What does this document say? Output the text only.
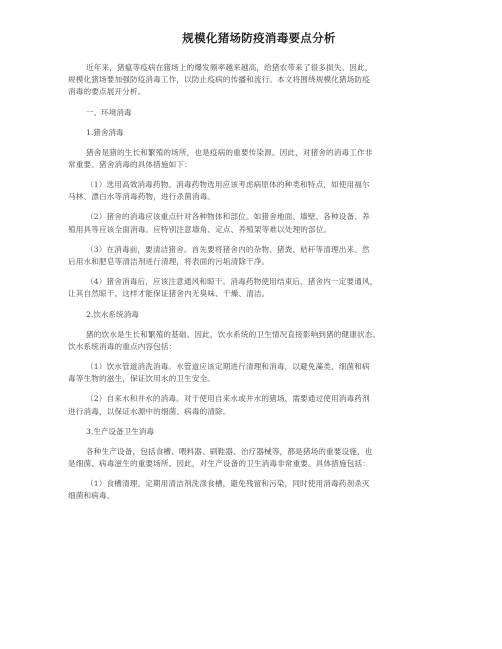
规模化猪场防疫消毒要点分析
近年来，猪瘟等疫病在猪场上的爆发频率越来越高，给猪农带来了很多损失。因此，
规模化猪场要加强防疫消毒工作，以防止疫病的传播和流行。本文将围绕规模化猪场防疫
消毒的要点展开分析。
一、环境消毒
1.猪舍消毒
猪舍是猪的生长和繁殖的场所，也是疫病的重要传染源。因此，对猪舍的消毒工作非
常重要。猪舍消毒的具体措施如下：
（1）选用高效消毒药物。消毒药物选用应该考虑病原体的种类和特点，如使用福尔
马林、漂白水等消毒药物，进行杀菌消毒。
（2）猪舍的消毒应该重点针对各种物体和部位。如猪舍地面、墙壁、各种设备、养
殖用具等应该全面消毒。应特别注意墙角、定点、养殖架等难以处理的部位。
（3）在消毒前，要清洁猪舍。首先要将猪舍内的杂物、猪粪、秸秆等清理出来。然
后用水和肥皂等清洁剂进行清理，将表面的污垢清除干净。
（4）猪舍消毒后，应该注意通风和晾干。消毒药物使用结束后，猪舍内一定要通风，
让其自然晾干。这样才能保证猪舍内无臭味、干燥、清洁。
2.饮水系统消毒
猪的饮水是生长和繁殖的基础。因此，饮水系统的卫生情况直接影响到猪的健康状态。
饮水系统消毒的重点内容包括：
（1）饮水管道消洗消毒。水管道应该定期进行清理和消毒，以避免藻类、细菌和病
毒等生物的滋生，保证饮用水的卫生安全。
（2）自来水和井水的消毒。对于使用自来水或井水的猪场，需要通过使用消毒药剂
进行消毒，以保证水源中的细菌、病毒的清除。
3.生产设备卫生消毒
各种生产设备，包括食槽、喂料器、刷鞋器、治疗器械等，都是猪场的重要设施，也
是细菌、病毒滋生的重要场所。因此，对生产设备的卫生消毒非常重要。具体措施包括：
（1）食槽清理。定期用清洁剂洗涤食槽，避免残留和污染，同时使用消毒药剂杀灭
细菌和病毒。
